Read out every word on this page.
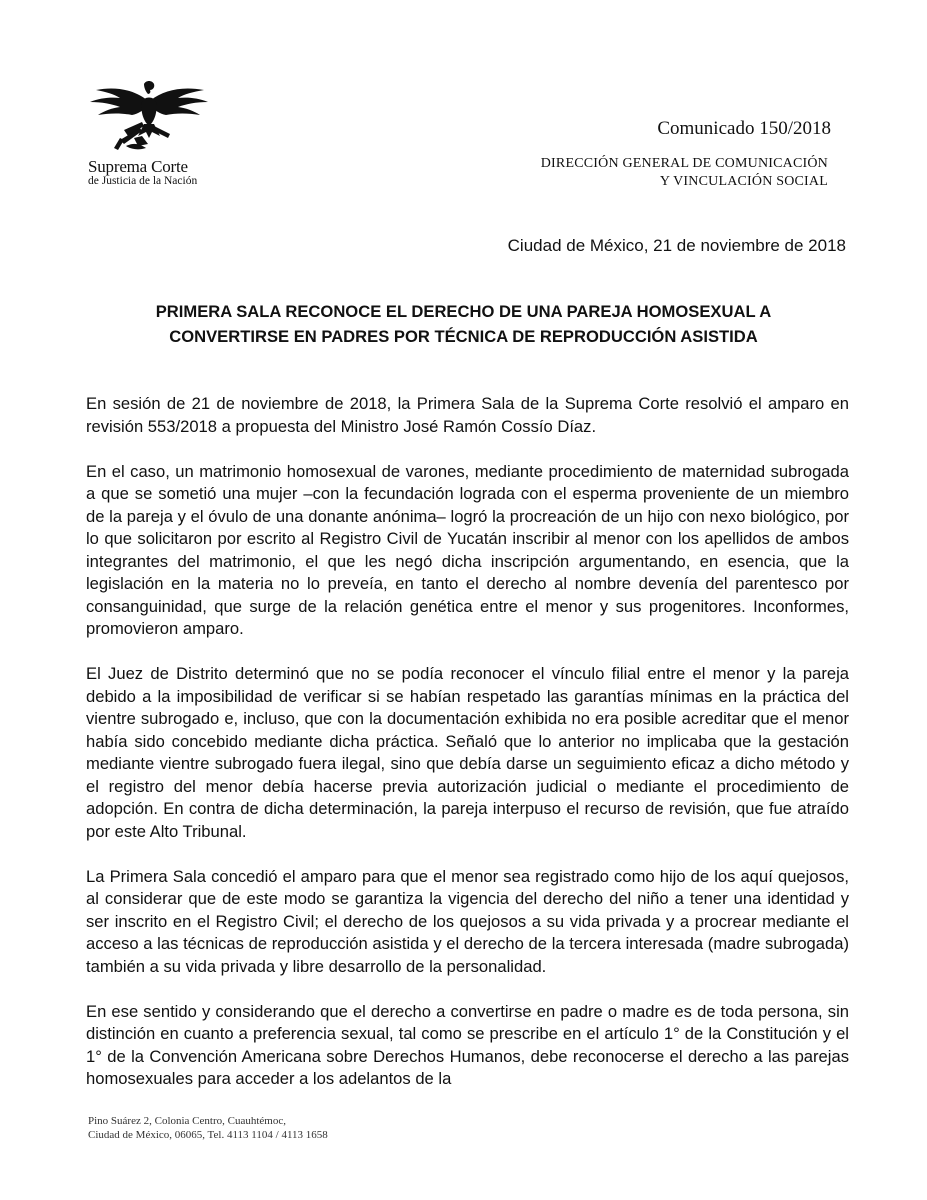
Suprema Corte
de Justicia de la Nación
Comunicado 150/2018
DIRECCIÓN GENERAL DE COMUNICACIÓN
Y VINCULACIÓN SOCIAL
Ciudad de México, 21 de noviembre de 2018
PRIMERA SALA RECONOCE EL DERECHO DE UNA PAREJA HOMOSEXUAL A
CONVERTIRSE EN PADRES POR TÉCNICA DE REPRODUCCIÓN ASISTIDA

En sesión de 21 de noviembre de 2018, la Primera Sala de la Suprema Corte resolvió el amparo en revisión 553/2018 a propuesta del Ministro José Ramón Cossío Díaz.

En el caso, un matrimonio homosexual de varones, mediante procedimiento de maternidad subrogada a que se sometió una mujer –con la fecundación lograda con el esperma proveniente de un miembro de la pareja y el óvulo de una donante anónima– logró la procreación de un hijo con nexo biológico, por lo que solicitaron por escrito al Registro Civil de Yucatán inscribir al menor con los apellidos de ambos integrantes del matrimonio, el que les negó dicha inscripción argumentando, en esencia, que la legislación en la materia no lo preveía, en tanto el derecho al nombre devenía del parentesco por consanguinidad, que surge de la relación genética entre el menor y sus progenitores. Inconformes, promovieron amparo.

El Juez de Distrito determinó que no se podía reconocer el vínculo filial entre el menor y la pareja debido a la imposibilidad de verificar si se habían respetado las garantías mínimas en la práctica del vientre subrogado e, incluso, que con la documentación exhibida no era posible acreditar que el menor había sido concebido mediante dicha práctica. Señaló que lo anterior no implicaba que la gestación mediante vientre subrogado fuera ilegal, sino que debía darse un seguimiento eficaz a dicho método y el registro del menor debía hacerse previa autorización judicial o mediante el procedimiento de adopción. En contra de dicha determinación, la pareja interpuso el recurso de revisión, que fue atraído por este Alto Tribunal.

La Primera Sala concedió el amparo para que el menor sea registrado como hijo de los aquí quejosos, al considerar que de este modo se garantiza la vigencia del derecho del niño a tener una identidad y ser inscrito en el Registro Civil; el derecho de los quejosos a su vida privada y a procrear mediante el acceso a las técnicas de reproducción asistida y el derecho de la tercera interesada (madre subrogada) también a su vida privada y libre desarrollo de la personalidad.

En ese sentido y considerando que el derecho a convertirse en padre o madre es de toda persona, sin distinción en cuanto a preferencia sexual, tal como se prescribe en el artículo 1° de la Constitución y el 1° de la Convención Americana sobre Derechos Humanos, debe reconocerse el derecho a las parejas homosexuales para acceder a los adelantos de la

Pino Suárez 2, Colonia Centro, Cuauhtémoc,
Ciudad de México, 06065, Tel. 4113 1104 / 4113 1658
